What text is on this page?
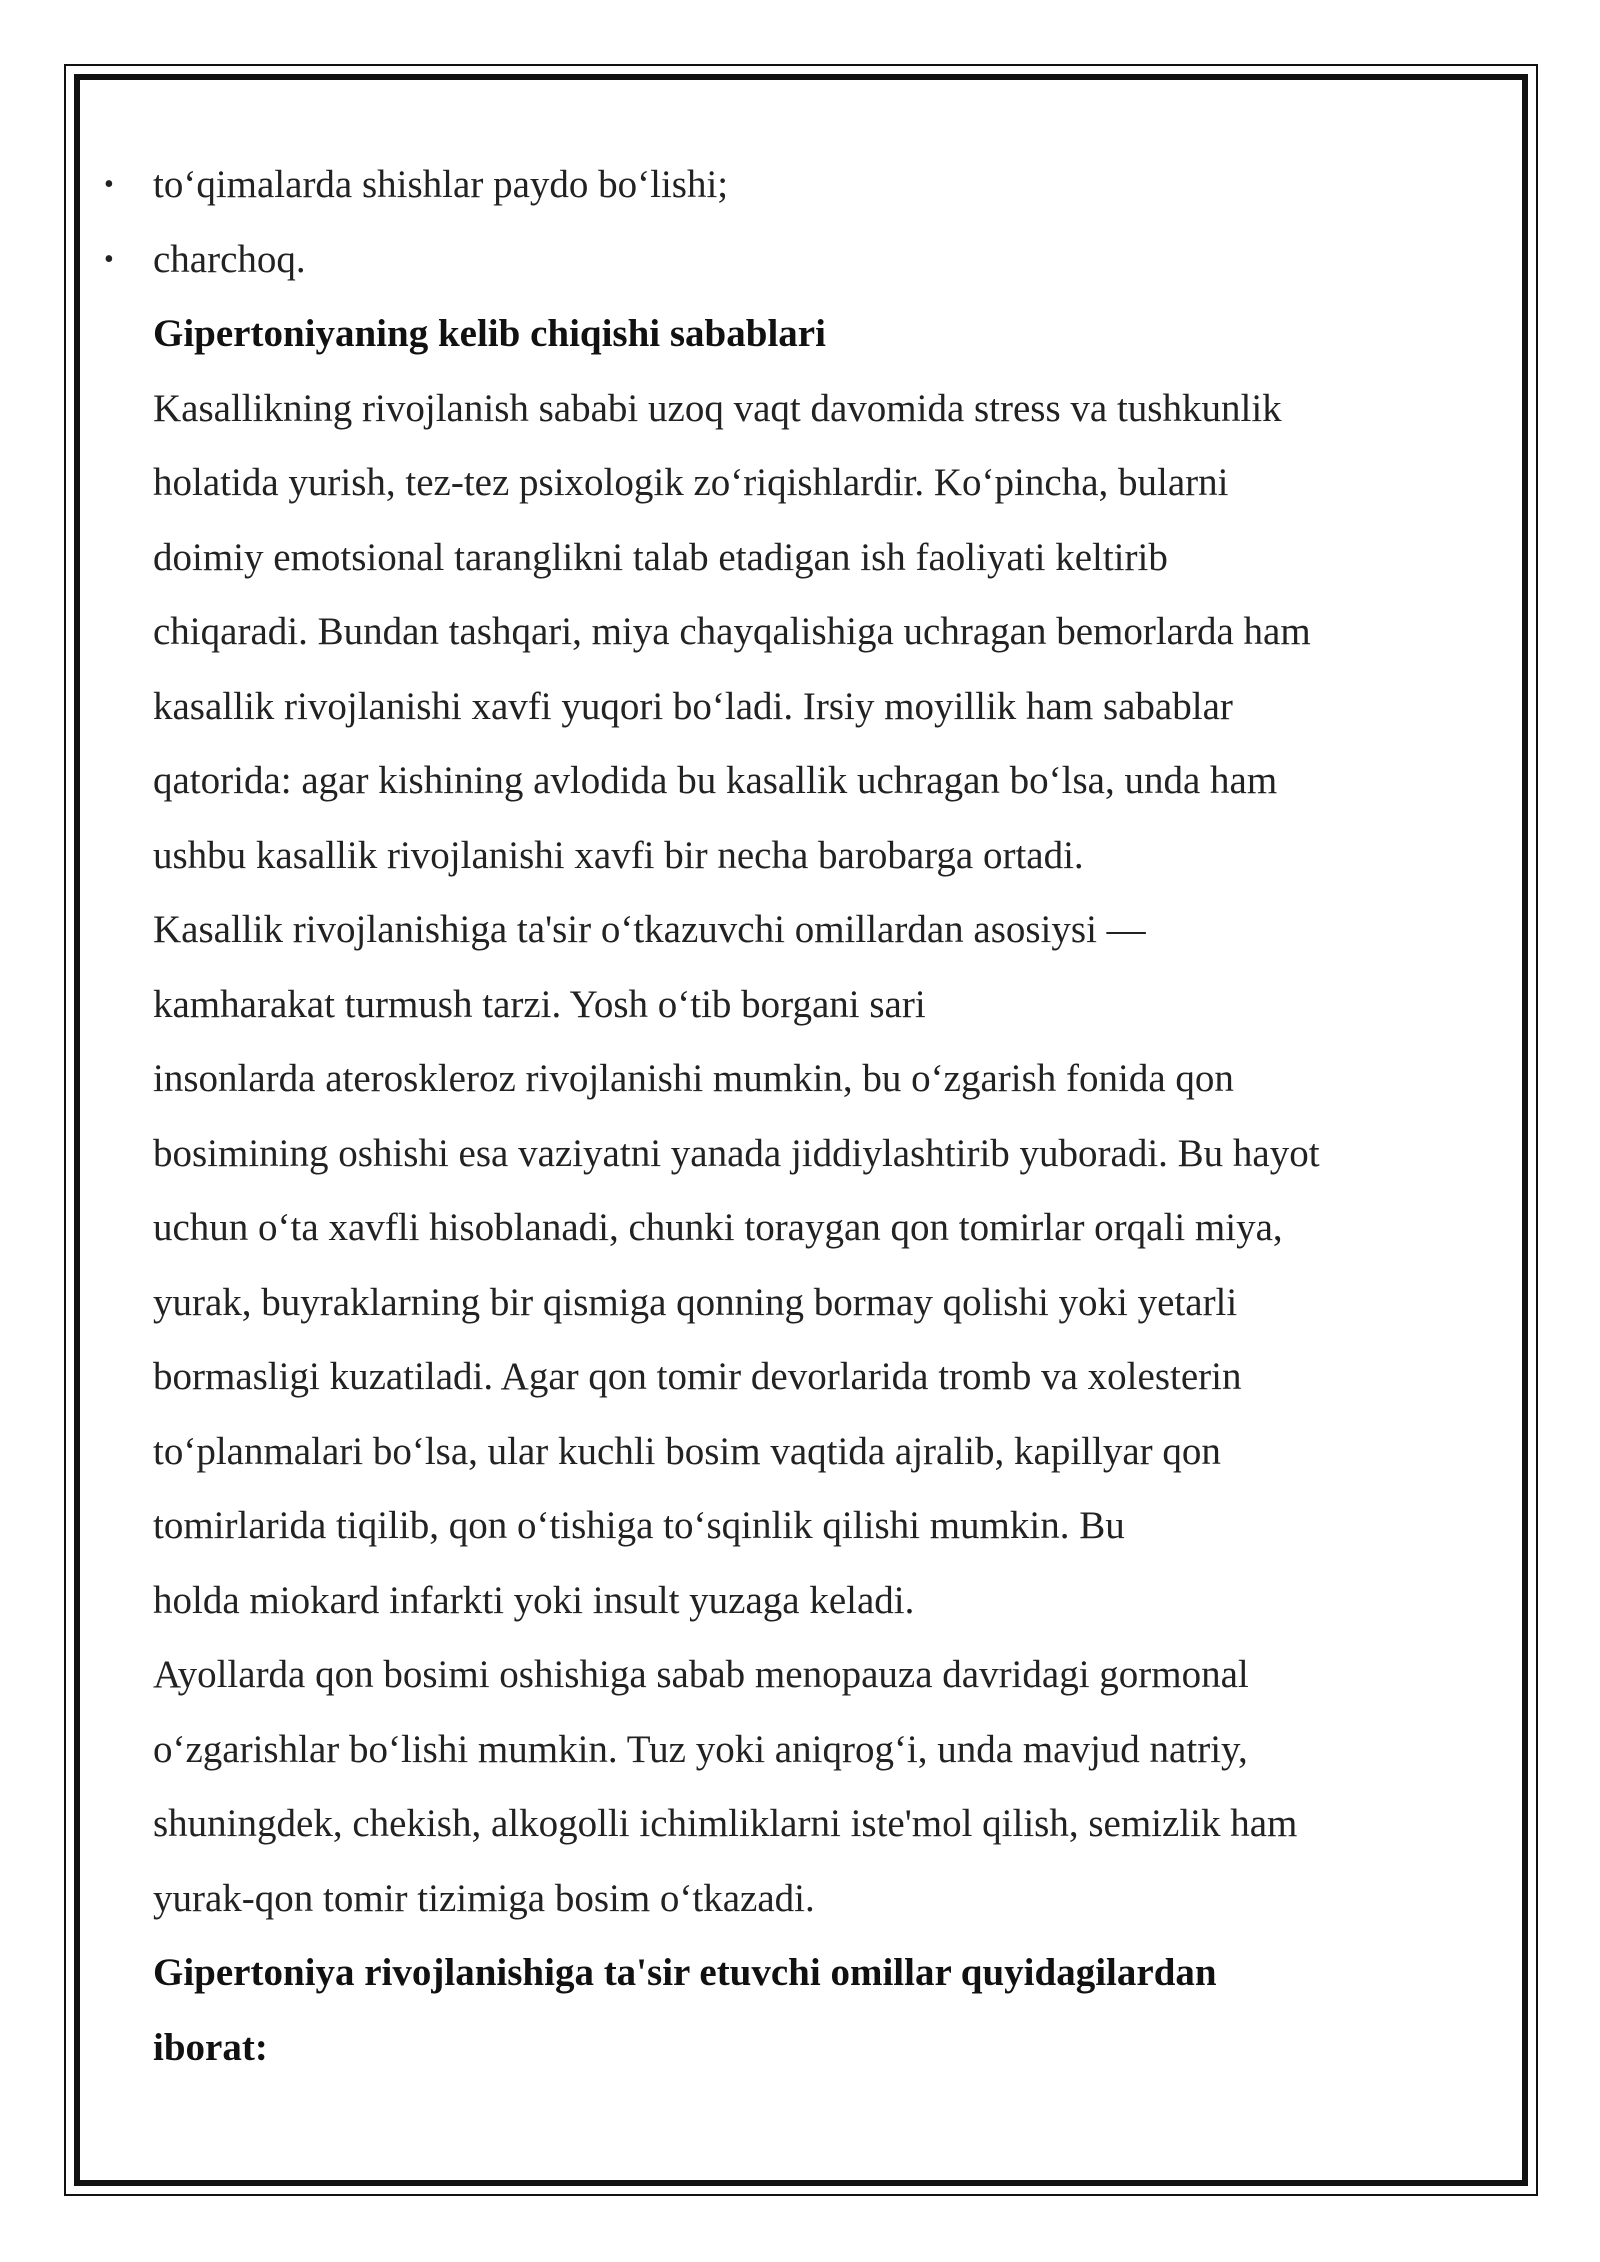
• to‘qimalarda shishlar paydo bo‘lishi;
• charchoq.
Gipertoniyaning kelib chiqishi sabablari
Kasallikning rivojlanish sababi uzoq vaqt davomida stress va tushkunlik
holatida yurish, tez-tez psixologik zo‘riqishlardir. Ko‘pincha, bularni
doimiy emotsional taranglikni talab etadigan ish faoliyati keltirib
chiqaradi. Bundan tashqari, miya chayqalishiga uchragan bemorlarda ham
kasallik rivojlanishi xavfi yuqori bo‘ladi. Irsiy moyillik ham sabablar
qatorida: agar kishining avlodida bu kasallik uchragan bo‘lsa, unda ham
ushbu kasallik rivojlanishi xavfi bir necha barobarga ortadi.
Kasallik rivojlanishiga ta'sir o‘tkazuvchi omillardan asosiysi —
kamharakat turmush tarzi. Yosh o‘tib borgani sari
insonlarda ateroskleroz rivojlanishi mumkin, bu o‘zgarish fonida qon
bosimining oshishi esa vaziyatni yanada jiddiylashtirib yuboradi. Bu hayot
uchun o‘ta xavfli hisoblanadi, chunki toraygan qon tomirlar orqali miya,
yurak, buyraklarning bir qismiga qonning bormay qolishi yoki yetarli
bormasligi kuzatiladi. Agar qon tomir devorlarida tromb va xolesterin
to‘planmalari bo‘lsa, ular kuchli bosim vaqtida ajralib, kapillyar qon
tomirlarida tiqilib, qon o‘tishiga to‘sqinlik qilishi mumkin. Bu
holda miokard infarkti yoki insult yuzaga keladi.
Ayollarda qon bosimi oshishiga sabab menopauza davridagi gormonal
o‘zgarishlar bo‘lishi mumkin. Tuz yoki aniqrog‘i, unda mavjud natriy,
shuningdek, chekish, alkogolli ichimliklarni iste'mol qilish, semizlik ham
yurak-qon tomir tizimiga bosim o‘tkazadi.
Gipertoniya rivojlanishiga ta'sir etuvchi omillar quyidagilardan
iborat:
